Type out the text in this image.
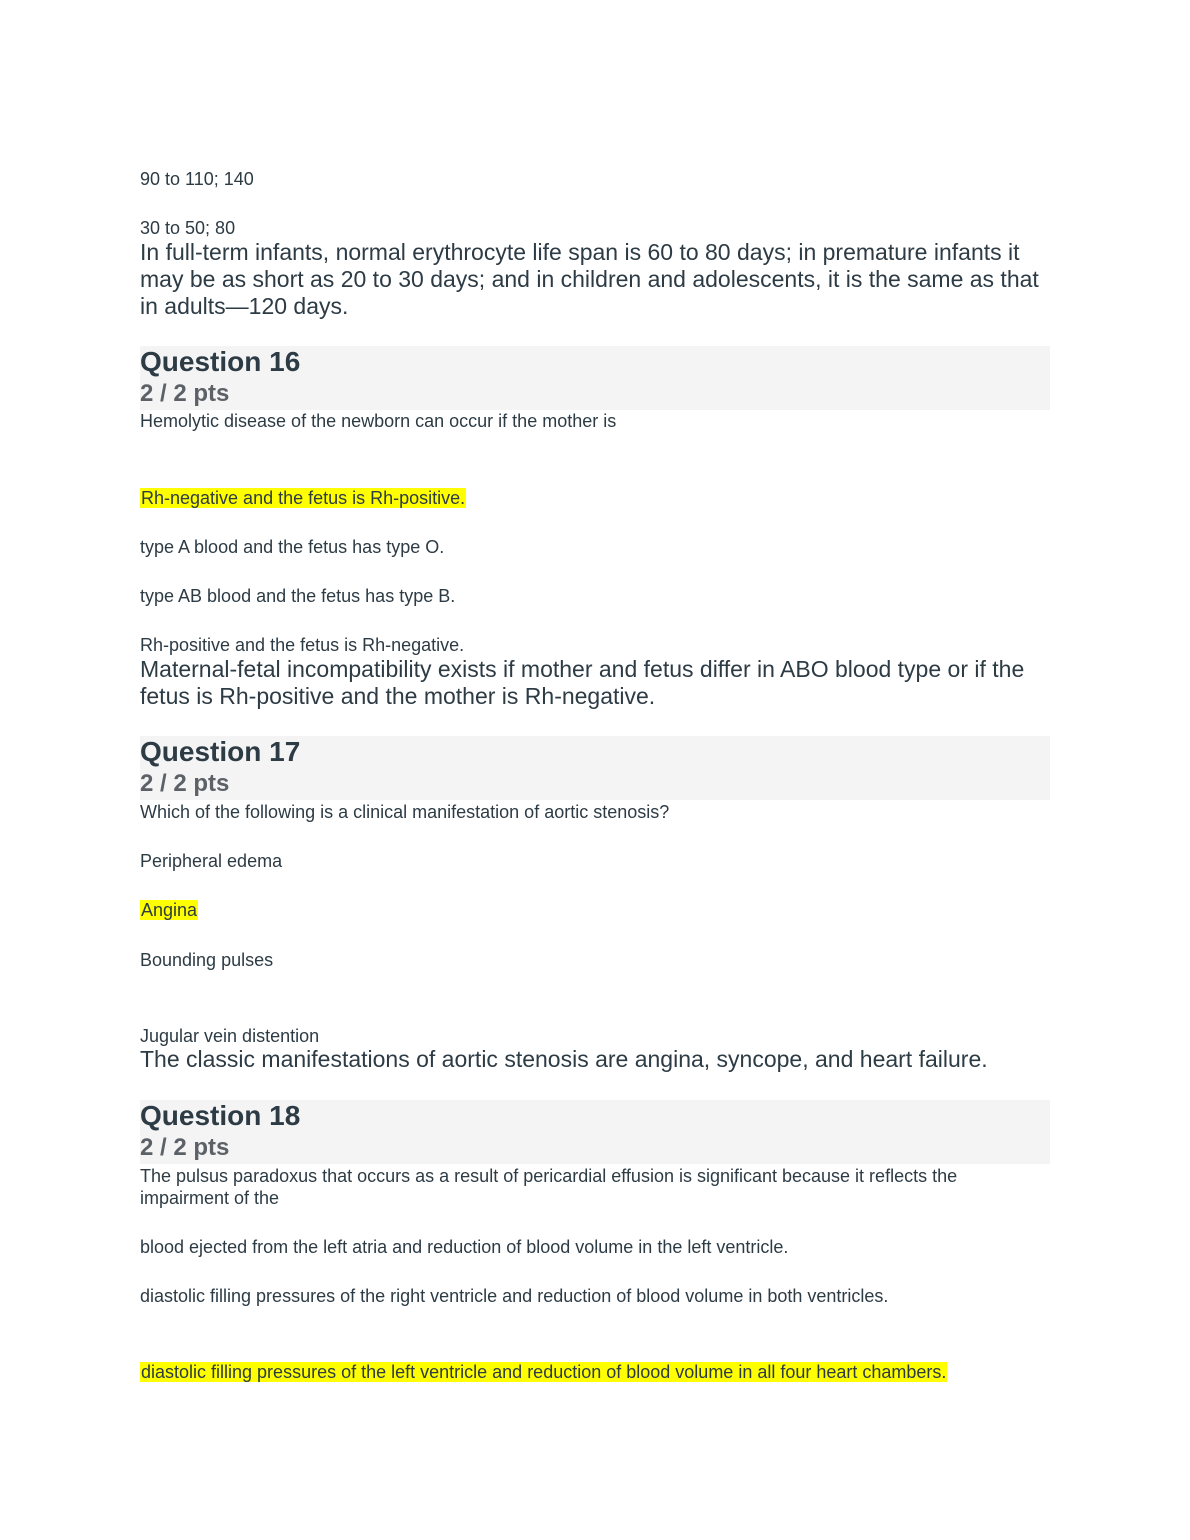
90 to 110; 140
30 to 50; 80
In full-term infants, normal erythrocyte life span is 60 to 80 days; in premature infants it may be as short as 20 to 30 days; and in children and adolescents, it is the same as that in adults—120 days.
Question 16
2 / 2 pts
Hemolytic disease of the newborn can occur if the mother is
Rh-negative and the fetus is Rh-positive.
type A blood and the fetus has type O.
type AB blood and the fetus has type B.
Rh-positive and the fetus is Rh-negative.
Maternal-fetal incompatibility exists if mother and fetus differ in ABO blood type or if the fetus is Rh-positive and the mother is Rh-negative.
Question 17
2 / 2 pts
Which of the following is a clinical manifestation of aortic stenosis?
Peripheral edema
Angina
Bounding pulses
Jugular vein distention
The classic manifestations of aortic stenosis are angina, syncope, and heart failure.
Question 18
2 / 2 pts
The pulsus paradoxus that occurs as a result of pericardial effusion is significant because it reflects the impairment of the
blood ejected from the left atria and reduction of blood volume in the left ventricle.
diastolic filling pressures of the right ventricle and reduction of blood volume in both ventricles.
diastolic filling pressures of the left ventricle and reduction of blood volume in all four heart chambers.
